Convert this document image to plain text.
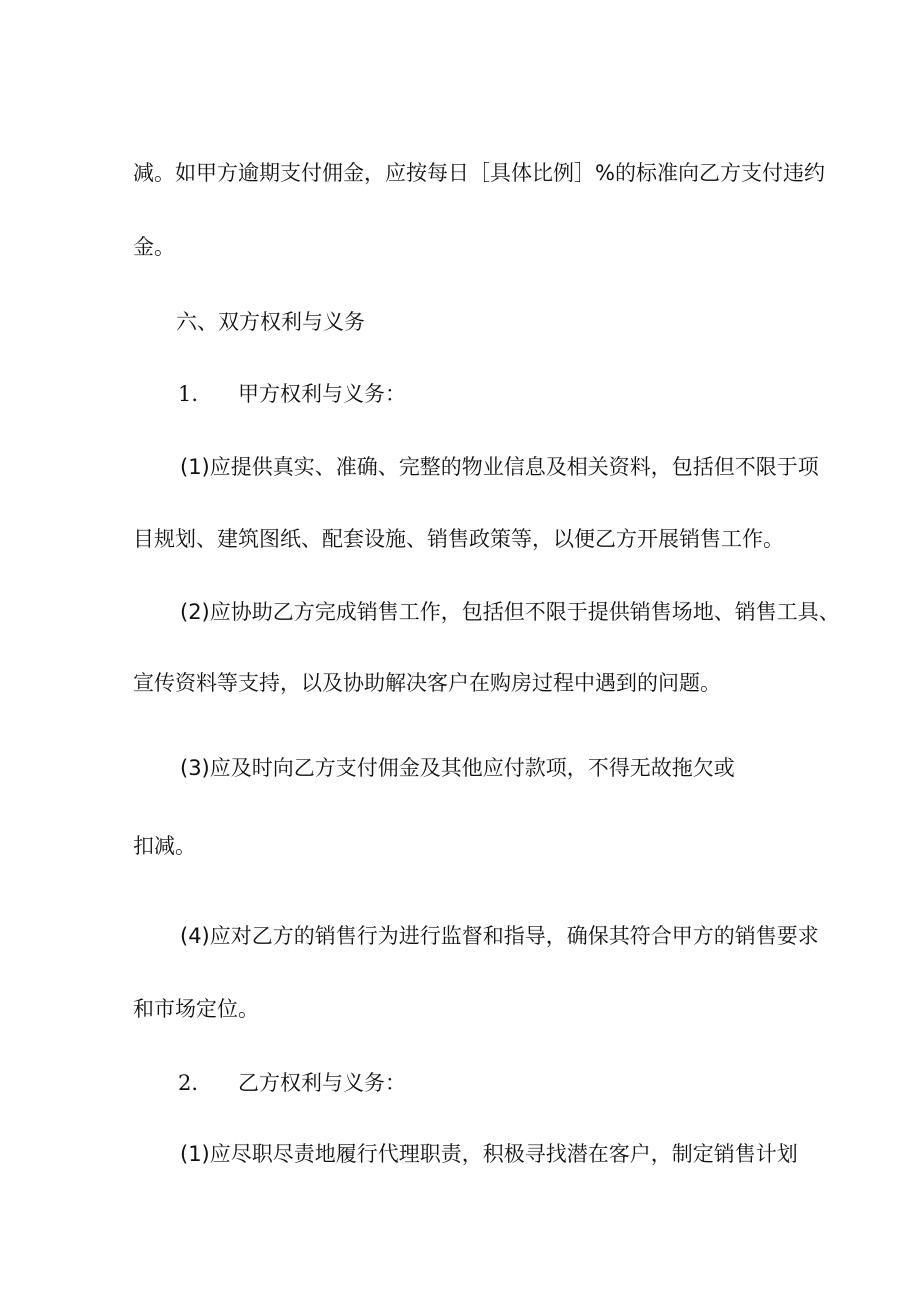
减。如甲方逾期支付佣金，应按每日［具体比例］%的标准向乙方支付违约

金。

六、双方权利与义务

1. 甲方权利与义务：

(1)应提供真实、准确、完整的物业信息及相关资料，包括但不限于项

目规划、建筑图纸、配套设施、销售政策等，以便乙方开展销售工作。

(2)应协助乙方完成销售工作，包括但不限于提供销售场地、销售工具、

宣传资料等支持，以及协助解决客户在购房过程中遇到的问题。

(3)应及时向乙方支付佣金及其他应付款项，不得无故拖欠或

扣减。

(4)应对乙方的销售行为进行监督和指导，确保其符合甲方的销售要求

和市场定位。

2. 乙方权利与义务：

(1)应尽职尽责地履行代理职责，积极寻找潜在客户，制定销售计划
